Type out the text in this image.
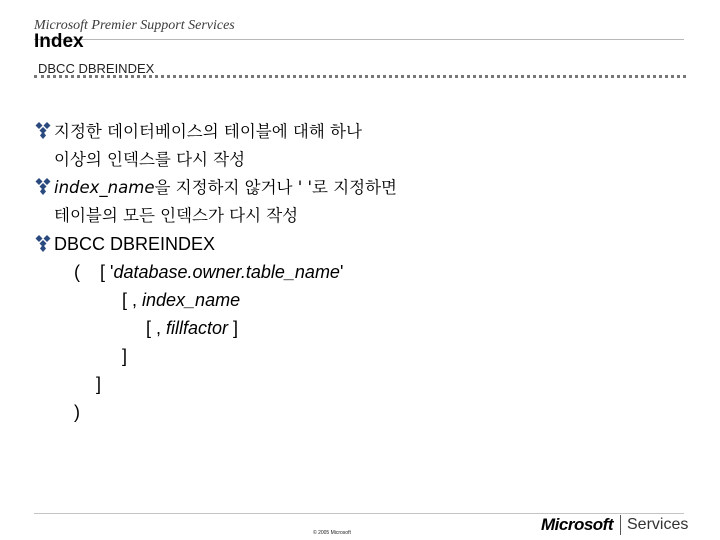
Microsoft Premier Support Services
Index
DBCC DBREINDEX
지정한 데이터베이스의 테이블에 대해 하나
이상의 인덱스를 다시 작성
index_name을 지정하지 않거나 ' '로 지정하면
테이블의 모든 인덱스가 다시 작성
DBCC DBREINDEX
( [ 'database.owner.table_name'
[ , index_name
[ , fillfactor ]
]
]
)
© 2005 Microsoft	Microsoft Services
